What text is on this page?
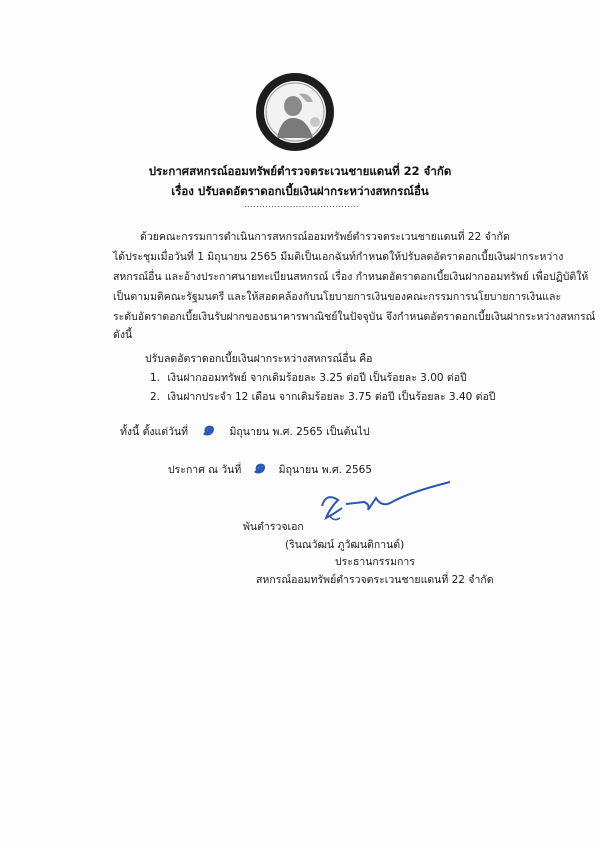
ประกาศสหกรณ์ออมทรัพย์ตำรวจตระเวนชายแดนที่ 22 จำกัด
เรื่อง ปรับลดอัตราดอกเบี้ยเงินฝากระหว่างสหกรณ์อื่น
......................................
ด้วยคณะกรรมการดำเนินการสหกรณ์ออมทรัพย์ตำรวจตระเวนชายแดนที่ 22 จำกัด
ได้ประชุมเมื่อวันที่ 1 มิถุนายน 2565 มีมติเป็นเอกฉันท์กำหนดให้ปรับลดอัตราดอกเบี้ยเงินฝากระหว่าง
สหกรณ์อื่น และอ้างประกาศนายทะเบียนสหกรณ์ เรื่อง กำหนดอัตราดอกเบี้ยเงินฝากออมทรัพย์ เพื่อปฏิบัติให้
เป็นตามมติคณะรัฐมนตรี และให้สอดคล้องกับนโยบายการเงินของคณะกรรมการนโยบายการเงินและ
ระดับอัตราดอกเบี้ยเงินรับฝากของธนาคารพาณิชย์ในปัจจุบัน จึงกำหนดอัตราดอกเบี้ยเงินฝากระหว่างสหกรณ์
ดังนี้
ปรับลดอัตราดอกเบี้ยเงินฝากระหว่างสหกรณ์อื่น คือ
1. เงินฝากออมทรัพย์ จากเดิมร้อยละ 3.25 ต่อปี เป็นร้อยละ 3.00 ต่อปี
2. เงินฝากประจำ 12 เดือน จากเดิมร้อยละ 3.75 ต่อปี เป็นร้อยละ 3.40 ต่อปี
ทั้งนี้ ตั้งแต่วันที่ ๑ มิถุนายน พ.ศ. 2565 เป็นต้นไป
ประกาศ ณ วันที่ ๑ มิถุนายน พ.ศ. 2565
พันตำรวจเอก
(รินณวัฒน์ ภูวัฒนติกานต์)
ประธานกรรมการ
สหกรณ์ออมทรัพย์ตำรวจตระเวนชายแดนที่ 22 จำกัด
